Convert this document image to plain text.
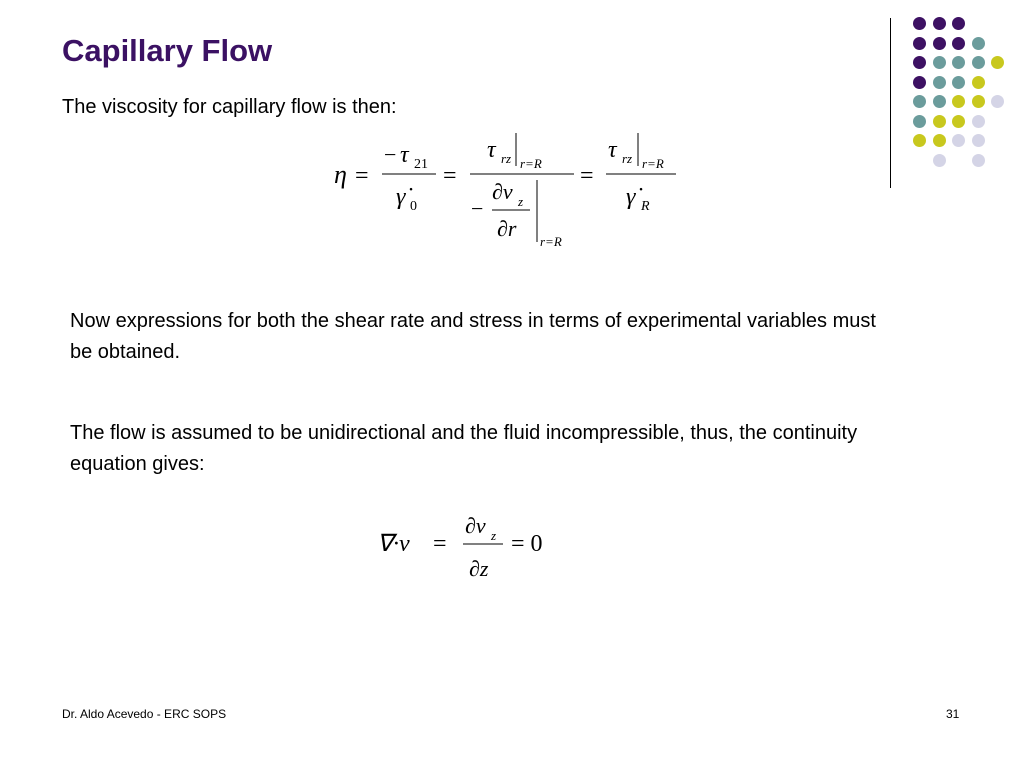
Capillary Flow
The viscosity for capillary flow is then:
η =
− τ 21
γ̇ 0
=
τ rz r=R
−
∂v z
∂r
r=R
=
τ rz r=R
γ̇ R
Now expressions for both the shear rate and stress in terms of experimental variables must be obtained.
The flow is assumed to be unidirectional and the fluid incompressible, thus, the continuity equation gives:
∇·v =
∂v z
∂z
= 0
Dr. Aldo Acevedo - ERC SOPS	31
